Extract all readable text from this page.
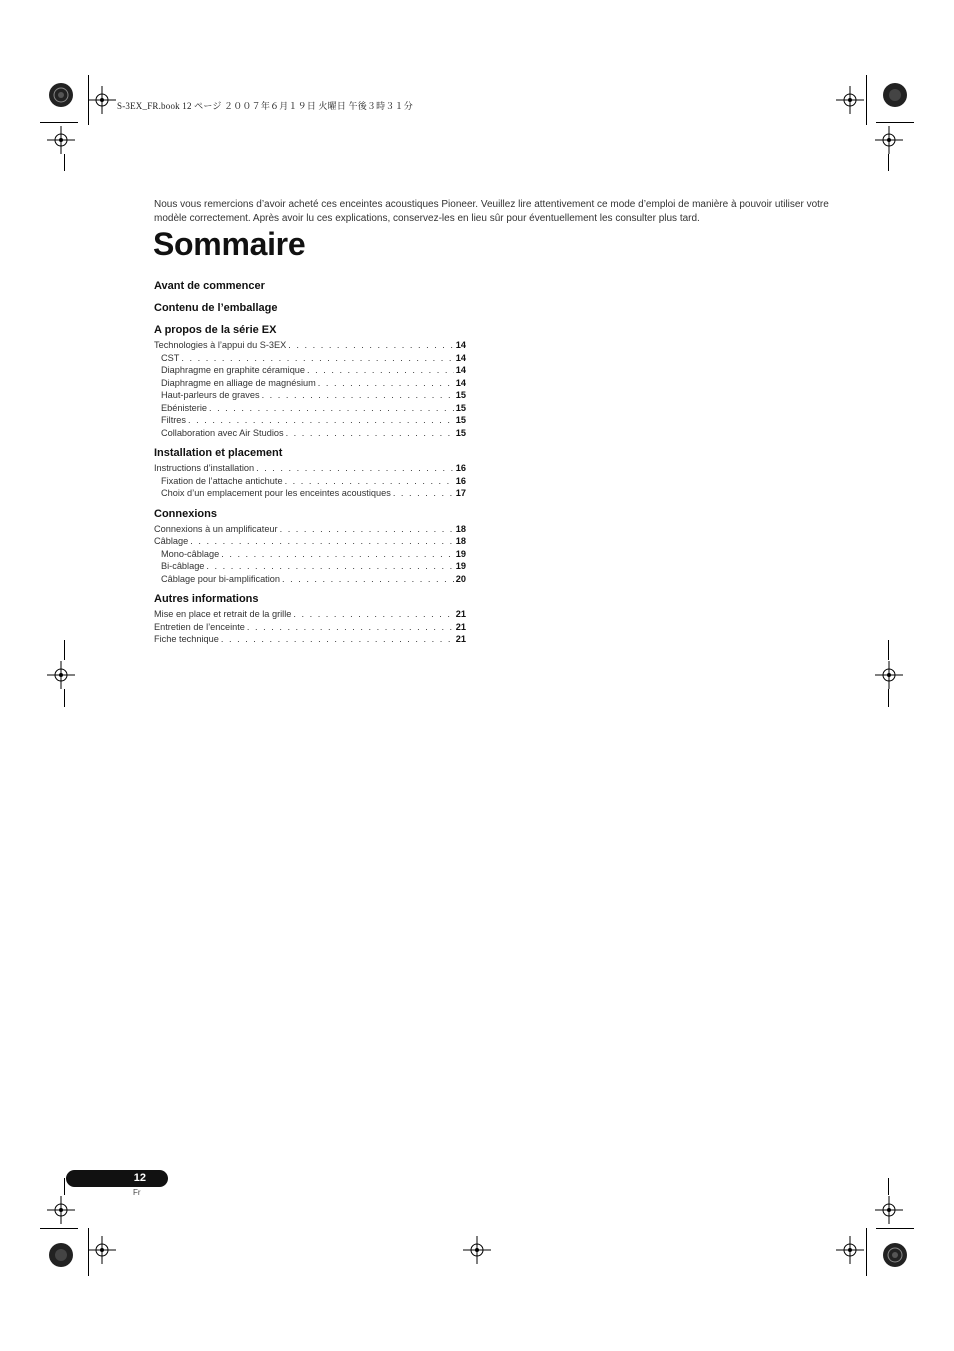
S-3EX_FR.book 12 ページ ２００７年６月１９日 火曜日 午後３時３１分

Nous vous remercions d’avoir acheté ces enceintes acoustiques Pioneer. Veuillez lire attentivement ce mode d’emploi de manière à pouvoir utiliser votre modèle correctement. Après avoir lu ces explications, conservez-les en lieu sûr pour éventuellement les consulter plus tard.

Sommaire
Avant de commencer
Contenu de l’emballage
A propos de la série EX
Technologies à l’appui du S-3EX . . .	14
CST . . .	14
Diaphragme en graphite céramique . . .	14
Diaphragme en alliage de magnésium . . .	14
Haut-parleurs de graves . . .	15
Ebénisterie . . .	15
Filtres . . .	15
Collaboration avec Air Studios . . .	15
Installation et placement
Instructions d’installation . . .	16
Fixation de l’attache antichute . . .	16
Choix d’un emplacement pour les enceintes acoustiques . . .	17
Connexions
Connexions à un amplificateur . . .	18
Câblage . . .	18
Mono-câblage . . .	19
Bi-câblage . . .	19
Câblage pour bi-amplification . . .	20
Autres informations
Mise en place et retrait de la grille . . .	21
Entretien de l’enceinte . . .	21
Fiche technique . . .	21
12
Fr
